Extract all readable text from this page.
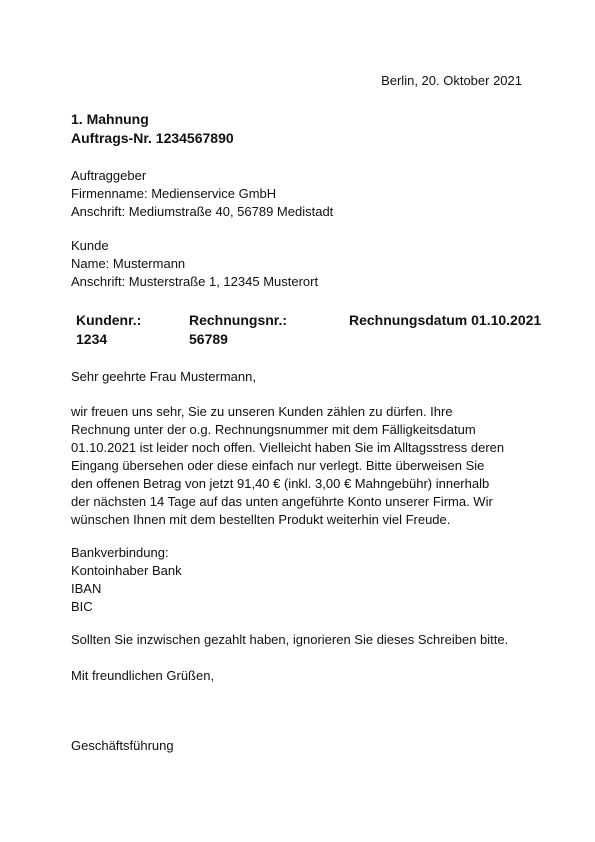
Berlin, 20. Oktober 2021
1. Mahnung
Auftrags-Nr. 1234567890
Auftraggeber
Firmenname: Medienservice GmbH
Anschrift: Mediumstraße 40, 56789 Medistadt
Kunde
Name: Mustermann
Anschrift: Musterstraße 1, 12345 Musterort
Kundenr.:
1234
Rechnungsnr.:
56789
Rechnungsdatum 01.10.2021
Sehr geehrte Frau Mustermann,
wir freuen uns sehr, Sie zu unseren Kunden zählen zu dürfen. Ihre
Rechnung unter der o.g. Rechnungsnummer mit dem Fälligkeitsdatum
01.10.2021 ist leider noch offen. Vielleicht haben Sie im Alltagsstress deren
Eingang übersehen oder diese einfach nur verlegt. Bitte überweisen Sie
den offenen Betrag von jetzt 91,40 € (inkl. 3,00 € Mahngebühr) innerhalb
der nächsten 14 Tage auf das unten angeführte Konto unserer Firma. Wir
wünschen Ihnen mit dem bestellten Produkt weiterhin viel Freude.
Bankverbindung:
Kontoinhaber Bank
IBAN
BIC
Sollten Sie inzwischen gezahlt haben, ignorieren Sie dieses Schreiben bitte.
Mit freundlichen Grüßen,
Geschäftsführung
